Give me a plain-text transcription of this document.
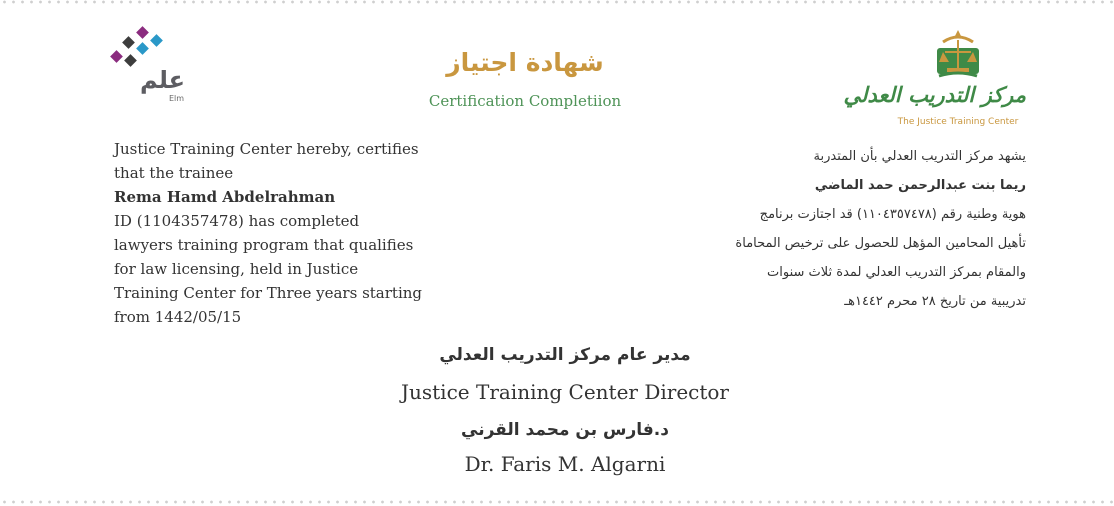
علم
Elm
شهادة اجتياز
Certification Completiion	مركز التدريب العدلي
The Justice Training Center
Justice Training Center hereby, certifies
that the trainee
Rema Hamd Abdelrahman
ID (1104357478) has completed
lawyers training program that qualifies
for law licensing, held in Justice
Training Center for Three years starting
from 1442/05/15
يشهد مركز التدريب العدلي بأن المتدربة
ريما بنت عبدالرحمن حمد الماضي
هوية وطنية رقم (١١٠٤٣٥٧٤٧٨) قد اجتازت برنامج
تأهيل المحامين المؤهل للحصول على ترخيص المحاماة
والمقام بمركز التدريب العدلي لمدة ثلاث سنوات
تدريبية من تاريخ ٢٨ محرم ١٤٤٢هـ
مدير عام مركز التدريب العدلي
Justice Training Center Director
د.فارس بن محمد القرني
Dr. Faris M. Algarni
